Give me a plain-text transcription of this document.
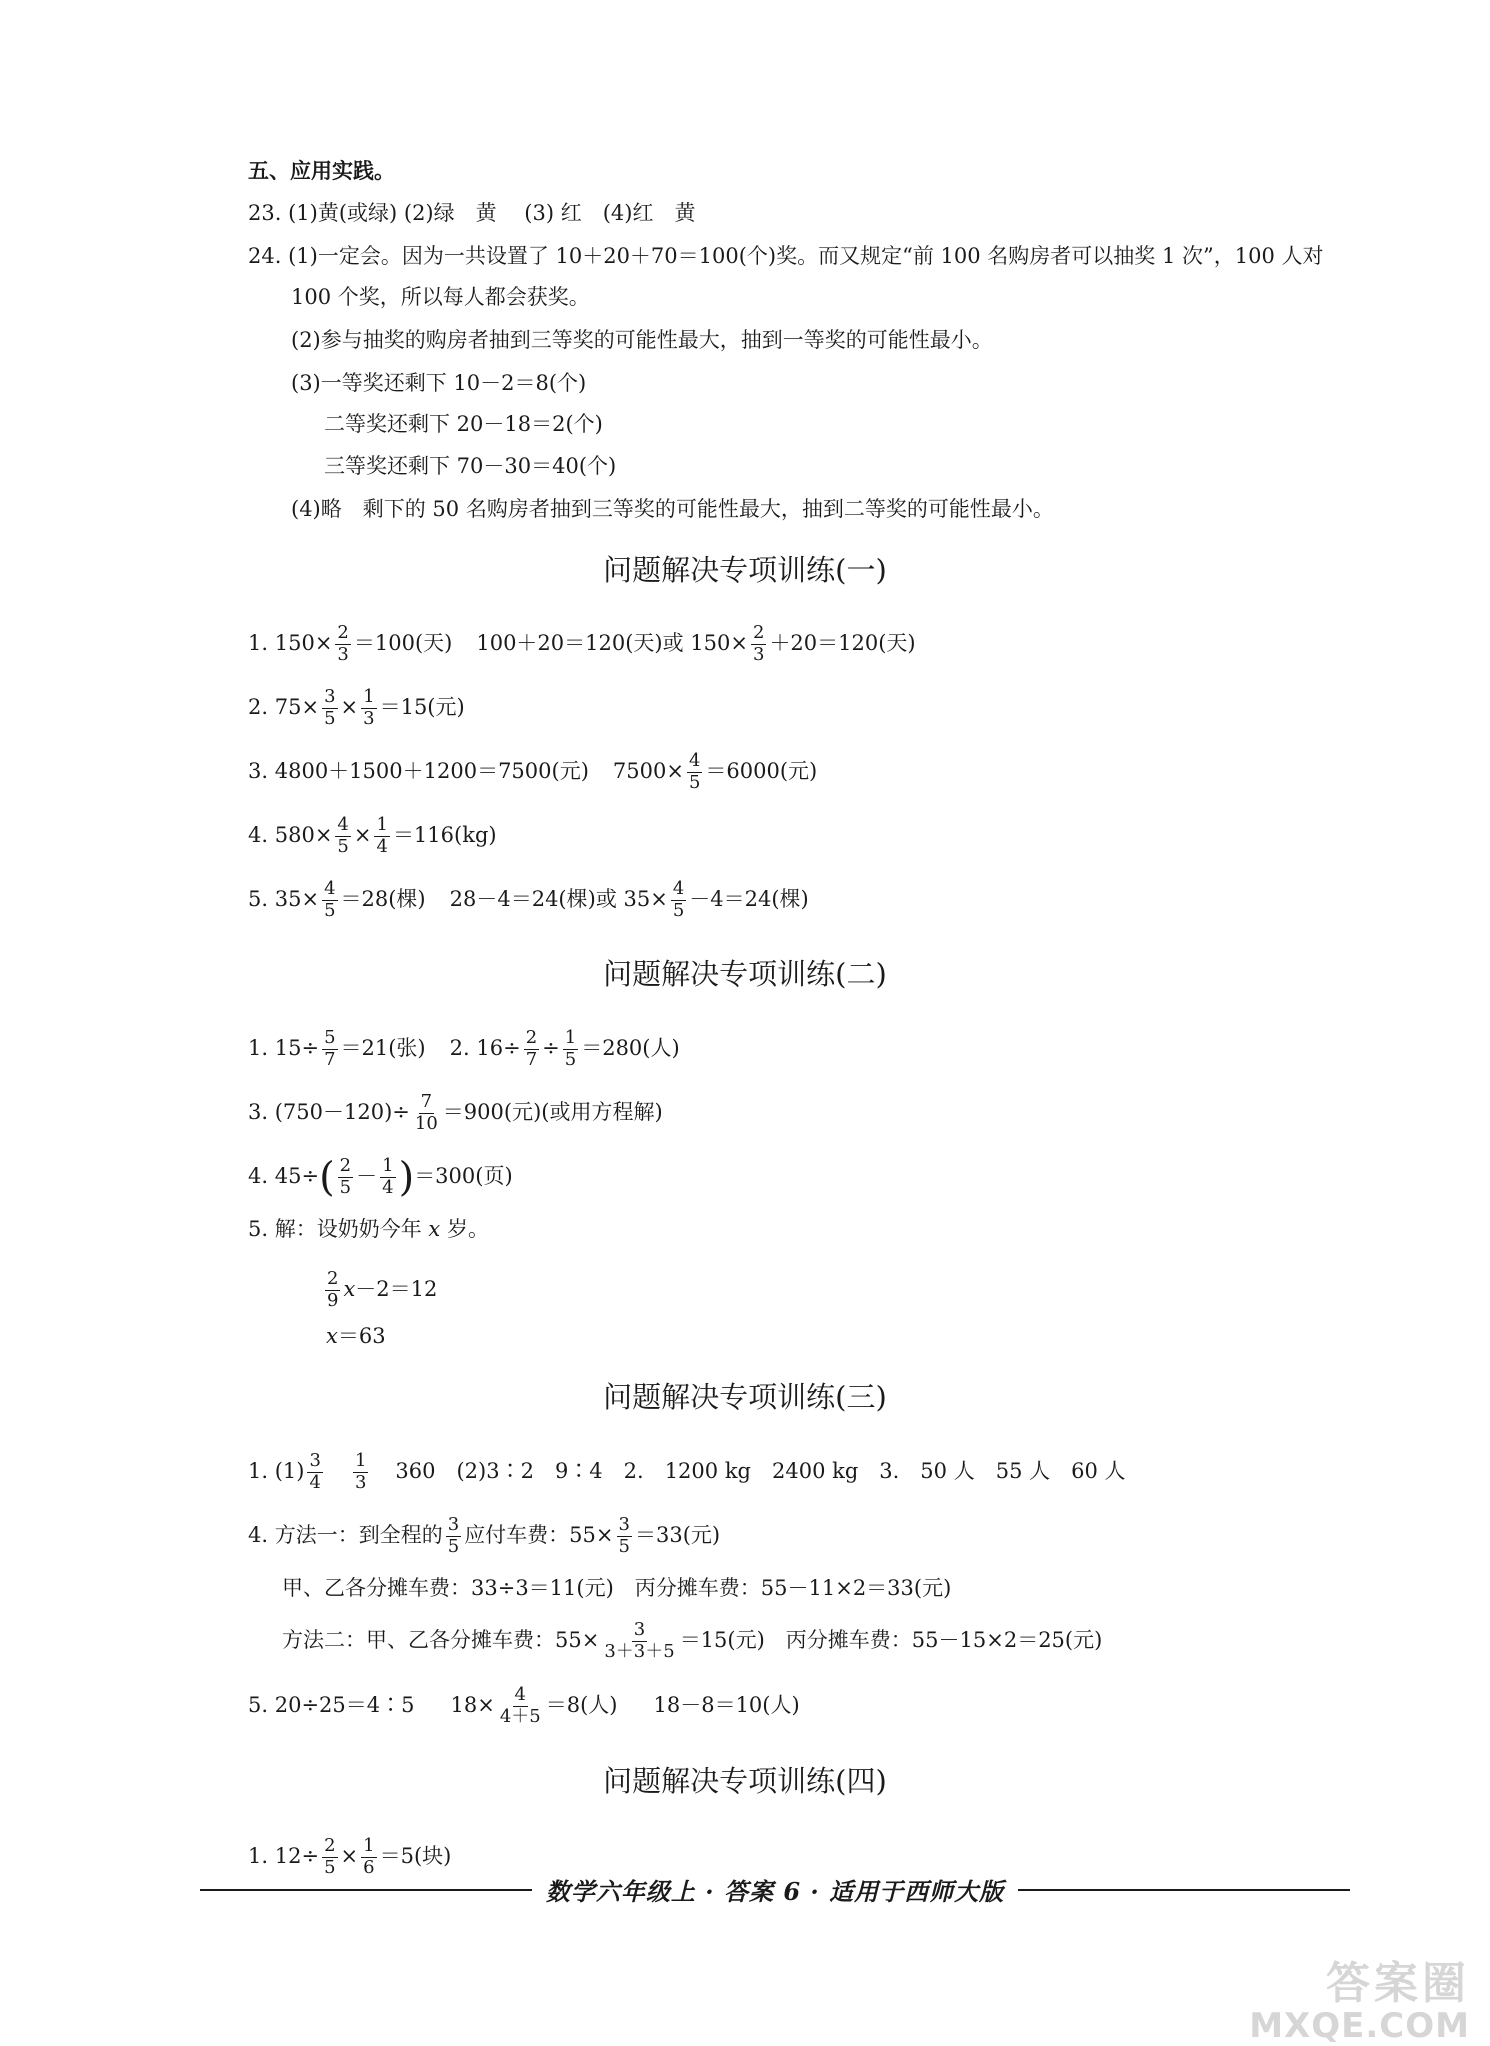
五、应用实践。
23. (1)黄(或绿) (2)绿　黄　 (3) 红　(4)红　黄
24. (1)一定会。因为一共设置了 10＋20＋70＝100(个)奖。而又规定“前 100 名购房者可以抽奖 1 次”，100 人对
100 个奖，所以每人都会获奖。
(2)参与抽奖的购房者抽到三等奖的可能性最大，抽到一等奖的可能性最小。
(3)一等奖还剩下 10－2＝8(个)
二等奖还剩下 20－18＝2(个)
三等奖还剩下 70－30＝40(个)
(4)略　剩下的 50 名购房者抽到三等奖的可能性最大，抽到二等奖的可能性最小。
问题解决专项训练(一)
1. $150\times \frac{2}{3} =100$(天) 100＋20＝120(天)或 $150\times \frac{2}{3} +20=120$(天)
2. $75\times \frac{3}{5} \times \frac{1}{3} =15$(元)
3. 4800＋1500＋1200＝7500(元) $7500\times \frac{4}{5} =6000$(元)
4. $580\times \frac{4}{5} \times \frac{1}{4} =116(kg)$
5. $35\times \frac{4}{5} =28$(棵) 28－4＝24(棵)或 $35\times \frac{4}{5} -4=24$(棵)
问题解决专项训练(二)
1. $15\div \frac{5}{7} =21$(张) 2. $16\div \frac{2}{7} \div \frac{1}{5} =280$(人)
3. $(750-120)\div \frac{7}{10} =900$(元)(或用方程解)
4. $45\div( \frac{2}{5} - \frac{1}{4} )=300$(页)
5. 解：设奶奶今年 x 岁。
$\frac{2}{9} x-2=12$
x＝63
问题解决专项训练(三)
1. $(1) \frac{3}{4} \frac{1}{3} 360$　(2)3∶2　9∶4　2.　1200 kg　2400 kg　3.　50 人　55 人　60 人
4. 方法一：到全程的 $\frac{3}{5}$ 应付车费：$55\times \frac{3}{5} =33$(元)
甲、乙各分摊车费：33÷3＝11(元)　丙分摊车费：55－11×2＝33(元)
方法二：甲、乙各分摊车费：$55\times \frac{3}{3+3+5} =15$(元)　丙分摊车费：55－15×2＝25(元)
5. 20÷25＝4∶5 $18\times \frac{4}{4+5} =8$(人) 18－8＝10(人)
问题解决专项训练(四)
1. $12\div \frac{2}{5} \times \frac{1}{6} =5$(块)
数学六年级上 · 答案 6 · 适用于西师大版
答案圈
MXQE.COM
